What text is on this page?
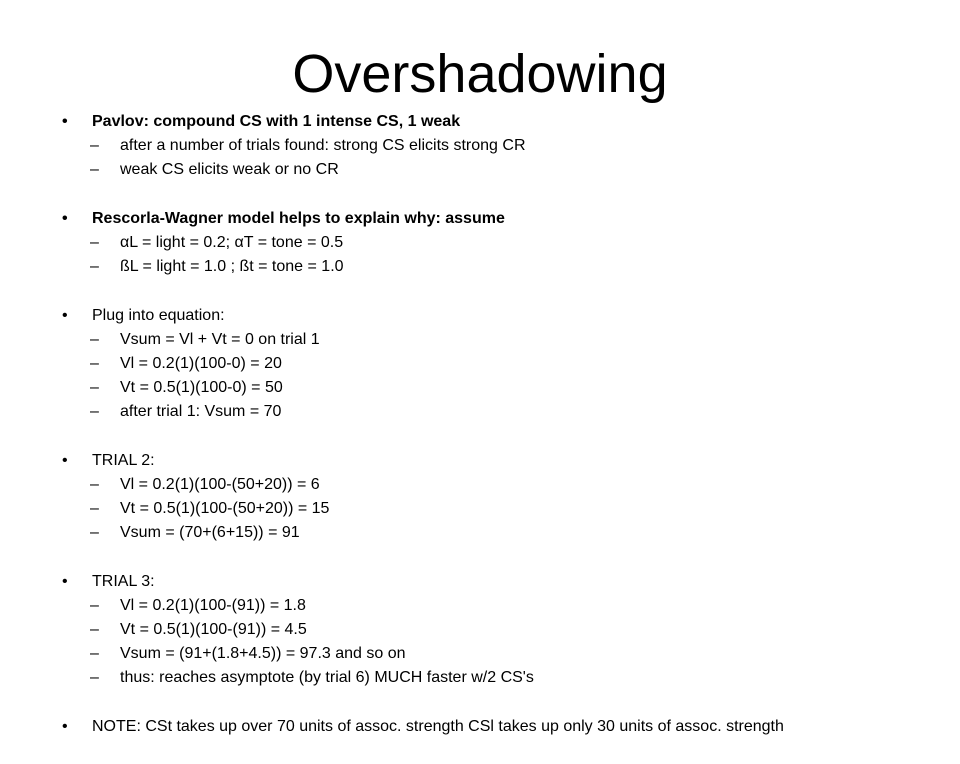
Overshadowing
• Pavlov: compound CS with 1 intense CS, 1 weak
– after a number of trials found: strong CS elicits strong CR
– weak CS elicits weak or no CR
• Rescorla-Wagner model helps to explain why: assume
– αL = light = 0.2; αT = tone = 0.5
– ßL = light = 1.0 ; ßt = tone = 1.0
• Plug into equation:
– Vsum = Vl + Vt = 0 on trial 1
– Vl = 0.2(1)(100-0) = 20
– Vt = 0.5(1)(100-0) = 50
– after trial 1: Vsum = 70
• TRIAL 2:
– Vl = 0.2(1)(100-(50+20)) = 6
– Vt = 0.5(1)(100-(50+20)) = 15
– Vsum = (70+(6+15)) = 91
• TRIAL 3:
– Vl = 0.2(1)(100-(91)) = 1.8
– Vt = 0.5(1)(100-(91)) = 4.5
– Vsum = (91+(1.8+4.5)) = 97.3 and so on
– thus: reaches asymptote (by trial 6) MUCH faster w/2 CS's
• NOTE: CSt takes up over 70 units of assoc. strength CSl takes up only 30 units of assoc. strength
